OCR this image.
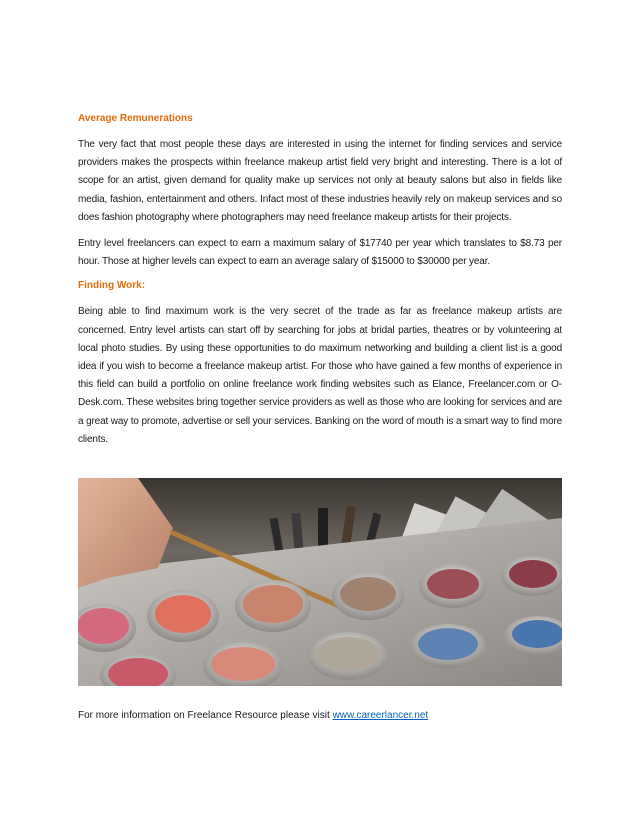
Average Remunerations

The very fact that most people these days are interested in using the internet for finding services and service providers makes the prospects within freelance makeup artist field very bright and interesting. There is a lot of scope for an artist, given demand for quality make up services not only at beauty salons but also in fields like media, fashion, entertainment and others. Infact most of these industries heavily rely on makeup services and so does fashion photography where photographers may need freelance makeup artists for their projects.

Entry level freelancers can expect to earn a maximum salary of $17740 per year which translates to $8.73 per hour. Those at higher levels can expect to earn an average salary of $15000 to $30000 per year.

Finding Work:

Being able to find maximum work is the very secret of the trade as far as freelance makeup artists are concerned. Entry level artists can start off by searching for jobs at bridal parties, theatres or by volunteering at local photo studies. By using these opportunities to do maximum networking and building a client list is a good idea if you wish to become a freelance makeup artist. For those who have gained a few months of experience in this field can build a portfolio on online freelance work finding websites such as Elance, Freelancer.com or O-Desk.com. These websites bring together service providers as well as those who are looking for services and are a great way to promote, advertise or sell your services. Banking on the word of mouth is a smart way to find more clients.

For more information on Freelance Resource please visit www.careerlancer.net
